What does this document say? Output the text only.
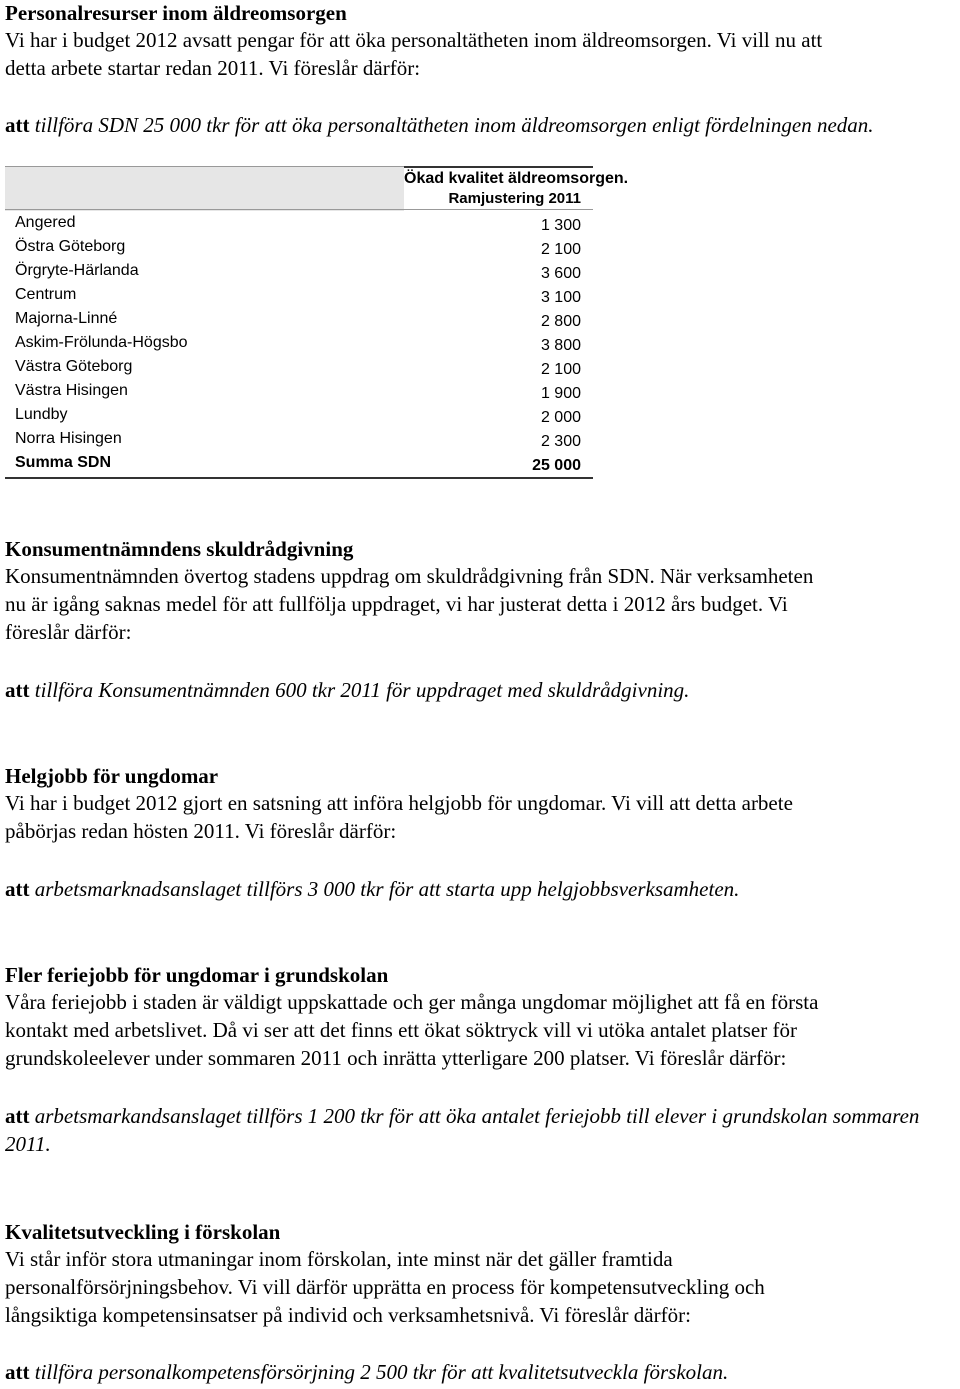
Personalresurser inom äldreomsorgen
Vi har i budget 2012 avsatt pengar för att öka personaltätheten inom äldreomsorgen. Vi vill nu att
detta arbete startar redan 2011. Vi föreslår därför:
att tillföra SDN 25 000 tkr för att öka personaltätheten inom äldreomsorgen enligt fördelningen nedan.
Ökad kvalitet äldreomsorgen.
Ramjustering 2011
Angered	1 300
Östra Göteborg	2 100
Örgryte-Härlanda	3 600
Centrum	3 100
Majorna-Linné	2 800
Askim-Frölunda-Högsbo	3 800
Västra Göteborg	2 100
Västra Hisingen	1 900
Lundby	2 000
Norra Hisingen	2 300
Summa SDN	25 000
Konsumentnämndens skuldrådgivning
Konsumentnämnden övertog stadens uppdrag om skuldrådgivning från SDN. När verksamheten
nu är igång saknas medel för att fullfölja uppdraget, vi har justerat detta i 2012 års budget. Vi
föreslår därför:
att tillföra Konsumentnämnden 600 tkr 2011 för uppdraget med skuldrådgivning.
Helgjobb för ungdomar
Vi har i budget 2012 gjort en satsning att införa helgjobb för ungdomar. Vi vill att detta arbete
påbörjas redan hösten 2011. Vi föreslår därför:
att arbetsmarknadsanslaget tillförs 3 000 tkr för att starta upp helgjobbsverksamheten.
Fler feriejobb för ungdomar i grundskolan
Våra feriejobb i staden är väldigt uppskattade och ger många ungdomar möjlighet att få en första
kontakt med arbetslivet. Då vi ser att det finns ett ökat söktryck vill vi utöka antalet platser för
grundskoleelever under sommaren 2011 och inrätta ytterligare 200 platser. Vi föreslår därför:
att arbetsmarkandsanslaget tillförs 1 200 tkr för att öka antalet feriejobb till elever i grundskolan sommaren
2011.
Kvalitetsutveckling i förskolan
Vi står inför stora utmaningar inom förskolan, inte minst när det gäller framtida
personalförsörjningsbehov. Vi vill därför upprätta en process för kompetensutveckling och
långsiktiga kompetensinsatser på individ och verksamhetsnivå. Vi föreslår därför:
att tillföra personalkompetensförsörjning 2 500 tkr för att kvalitetsutveckla förskolan.
